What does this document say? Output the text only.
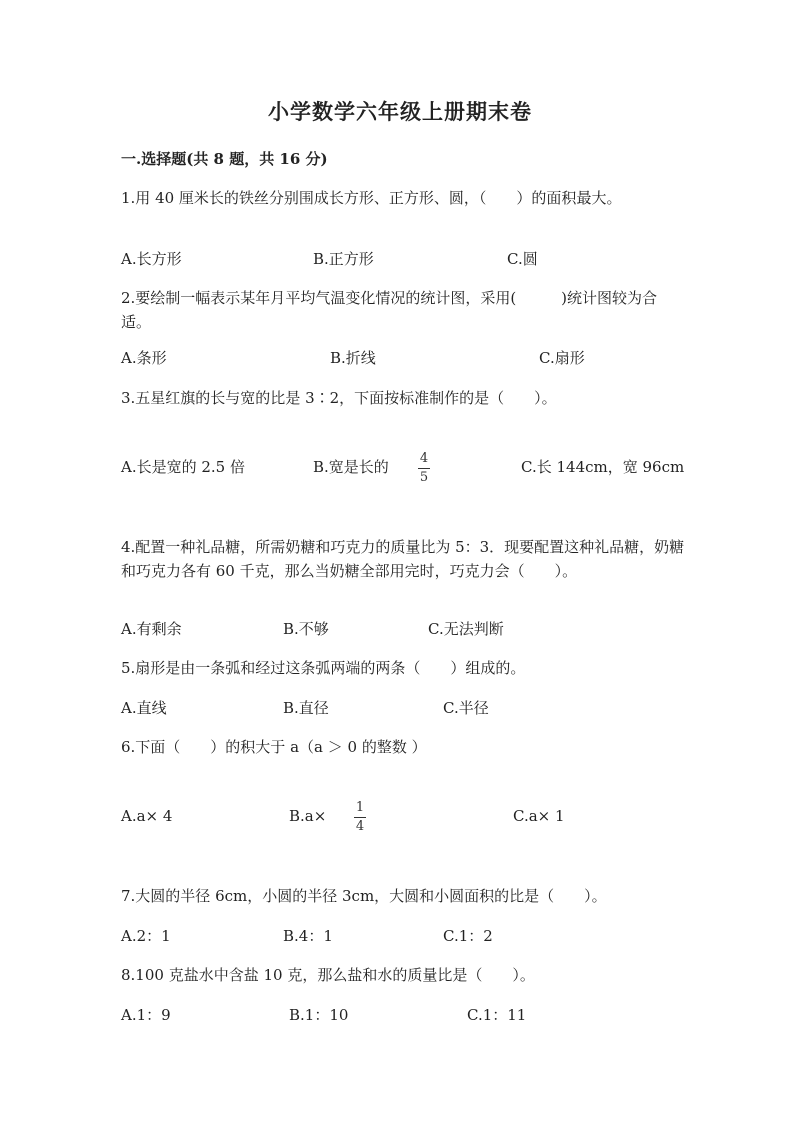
小学数学六年级上册期末卷
一.选择题(共 8 题，共 16 分)
1.用 40 厘米长的铁丝分别围成长方形、正方形、圆，（　　）的面积最大。
A.长方形	B.正方形	C.圆
2.要绘制一幅表示某年月平均气温变化情况的统计图，采用(　　　)统计图较为合适。
A.条形	B.折线	C.扇形
3.五星红旗的长与宽的比是 3∶2，下面按标准制作的是（　　）。
A.长是宽的 2.5 倍	B.宽是长的 4
5
C.长 144cm，宽 96cm
4.配置一种礼品糖，所需奶糖和巧克力的质量比为 5：3．现要配置这种礼品糖，奶糖和巧克力各有 60 千克，那么当奶糖全部用完时，巧克力会（　　）。
A.有剩余	B.不够	C.无法判断
5.扇形是由一条弧和经过这条弧两端的两条（　　）组成的。
A.直线	B.直径	C.半径
6.下面（　　）的积大于 a（a ＞ 0 的整数 ）
A.a× 4	B.a× 1
4
C.a× 1
7.大圆的半径 6cm，小圆的半径 3cm，大圆和小圆面积的比是（　　）。
A.2：1	B.4：1	C.1：2
8.100 克盐水中含盐 10 克，那么盐和水的质量比是（　　）。
A.1：9	B.1：10	C.1：11
